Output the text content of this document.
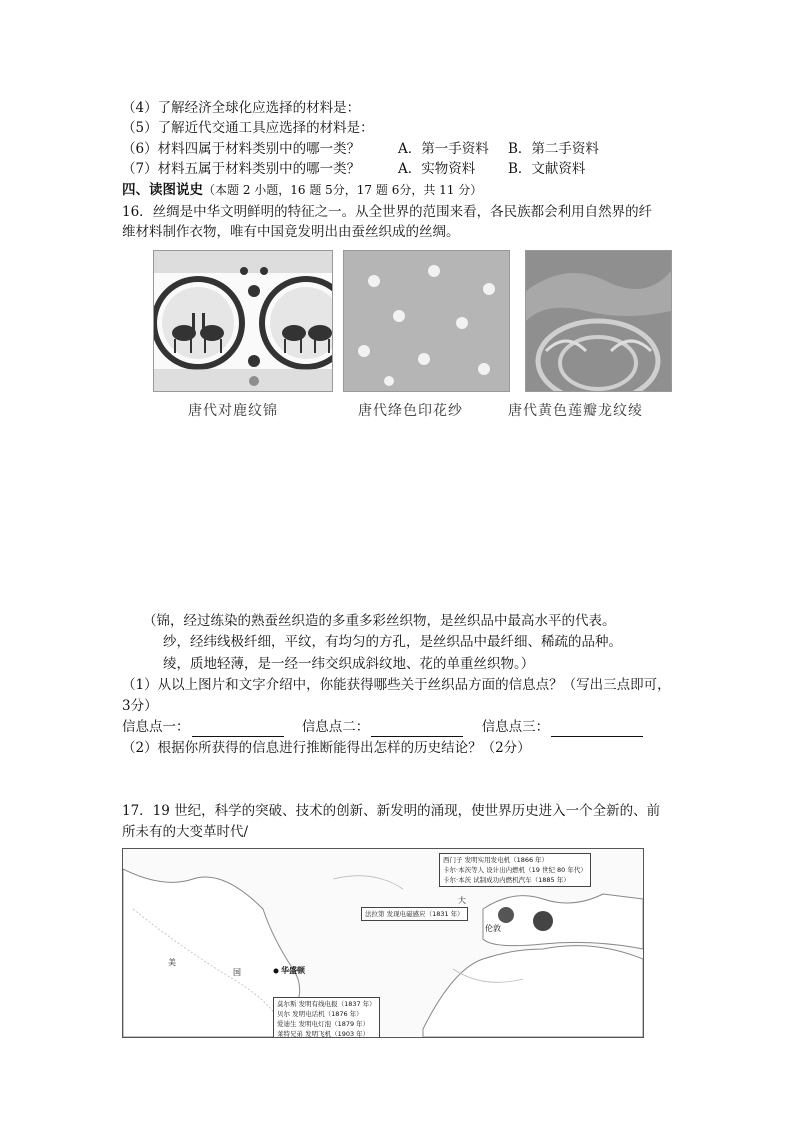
（4）了解经济全球化应选择的材料是：
（5）了解近代交通工具应选择的材料是：
（6）材料四属于材料类别中的哪一类？	A．第一手资料 B．第二手资料
（7）材料五属于材料类别中的哪一类？	A．实物资料 B．文献资料
四、读图说史（本题 2 小题，16 题 5分，17 题 6分，共 11 分）
16．丝绸是中华文明鲜明的特征之一。从全世界的范围来看，各民族都会利用自然界的纤
维材料制作衣物，唯有中国竟发明出由蚕丝织成的丝绸。
唐代对鹿纹锦	唐代绛色印花纱	唐代黄色莲瓣龙纹绫
（锦，经过练染的熟蚕丝织造的多重多彩丝织物，是丝织品中最高水平的代表。
纱，经纬线极纤细，平纹，有均匀的方孔，是丝织品中最纤细、稀疏的品种。
绫，质地轻薄，是一经一纬交织成斜纹地、花的单重丝织物。）
（1）从以上图片和文字介绍中，你能获得哪些关于丝织品方面的信息点？（写出三点即可，
3分）
信息点一：	信息点二：	信息点三：
（2）根据你所获得的信息进行推断能得出怎样的历史结论？（2分）
17．19 世纪，科学的突破、技术的创新、新发明的涌现，使世界历史进入一个全新的、前
所未有的大变革时代/
西门子 发明实用发电机（1866 年）
卡尔·本茨等人 设计出内燃机（19 世纪 80 年代）
卡尔·本茨 试制成功内燃机汽车（1885 年）
法拉第 发现电磁感应（1831 年）
莫尔斯 发明有线电报（1837 年）
贝尔 发明电话机（1876 年）
爱迪生 发明电灯泡（1879 年）
莱特兄弟 发明飞机（1903 年）
美
国	华盛顿
大
伦敦
